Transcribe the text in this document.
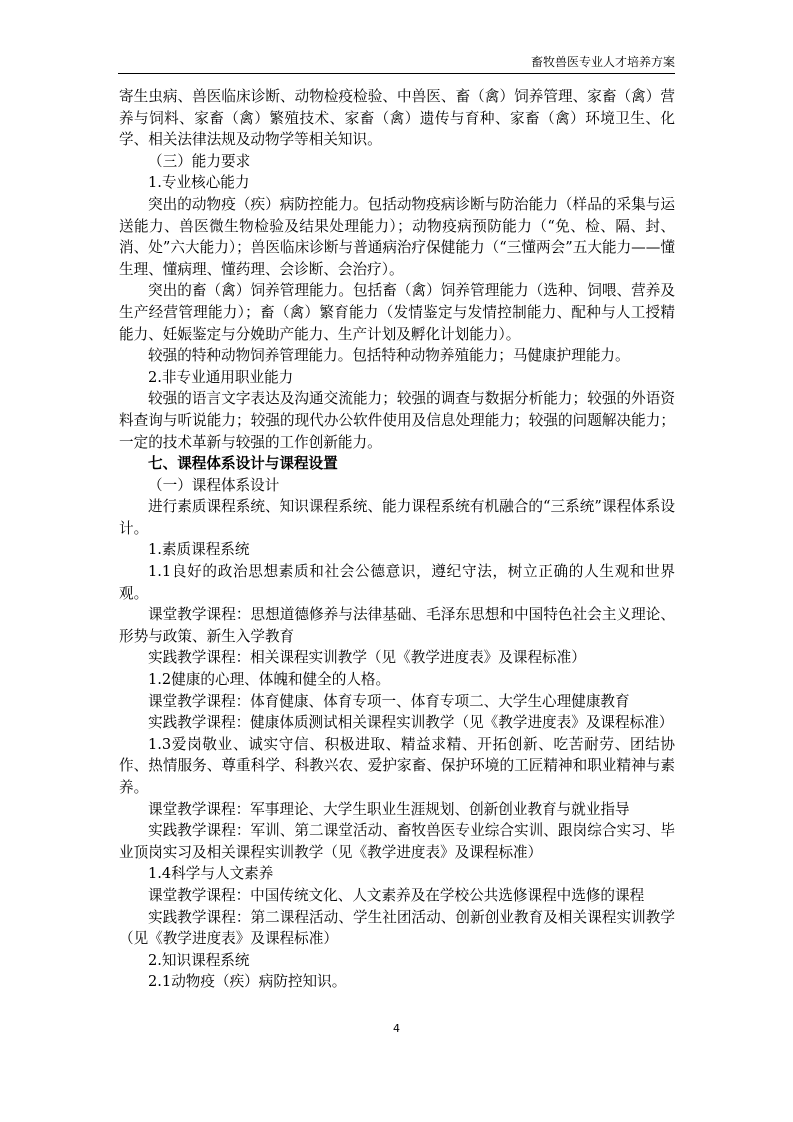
畜牧兽医专业人才培养方案

寄生虫病、兽医临床诊断、动物检疫检验、中兽医、畜（禽）饲养管理、家畜（禽）营养与饲料、家畜（禽）繁殖技术、家畜（禽）遗传与育种、家畜（禽）环境卫生、化学、相关法律法规及动物学等相关知识。

（三）能力要求

1.专业核心能力

突出的动物疫（疾）病防控能力。包括动物疫病诊断与防治能力（样品的采集与运送能力、兽医微生物检验及结果处理能力）；动物疫病预防能力（“免、检、隔、封、消、处”六大能力）；兽医临床诊断与普通病治疗保健能力（“三懂两会”五大能力——懂生理、懂病理、懂药理、会诊断、会治疗）。

突出的畜（禽）饲养管理能力。包括畜（禽）饲养管理能力（选种、饲喂、营养及生产经营管理能力）；畜（禽）繁育能力（发情鉴定与发情控制能力、配种与人工授精能力、妊娠鉴定与分娩助产能力、生产计划及孵化计划能力）。

较强的特种动物饲养管理能力。包括特种动物养殖能力；马健康护理能力。

2.非专业通用职业能力

较强的语言文字表达及沟通交流能力；较强的调查与数据分析能力；较强的外语资料查询与听说能力；较强的现代办公软件使用及信息处理能力；较强的问题解决能力；一定的技术革新与较强的工作创新能力。

七、课程体系设计与课程设置

（一）课程体系设计

进行素质课程系统、知识课程系统、能力课程系统有机融合的“三系统”课程体系设计。

1.素质课程系统

1.1良好的政治思想素质和社会公德意识，遵纪守法，树立正确的人生观和世界观。

课堂教学课程：思想道德修养与法律基础、毛泽东思想和中国特色社会主义理论、形势与政策、新生入学教育

实践教学课程：相关课程实训教学（见《教学进度表》及课程标准）

1.2健康的心理、体魄和健全的人格。

课堂教学课程：体育健康、体育专项一、体育专项二、大学生心理健康教育

实践教学课程：健康体质测试相关课程实训教学（见《教学进度表》及课程标准）

1.3爱岗敬业、诚实守信、积极进取、精益求精、开拓创新、吃苦耐劳、团结协作、热情服务、尊重科学、科教兴农、爱护家畜、保护环境的工匠精神和职业精神与素养。

课堂教学课程：军事理论、大学生职业生涯规划、创新创业教育与就业指导

实践教学课程：军训、第二课堂活动、畜牧兽医专业综合实训、跟岗综合实习、毕业顶岗实习及相关课程实训教学（见《教学进度表》及课程标准）

1.4科学与人文素养

课堂教学课程：中国传统文化、人文素养及在学校公共选修课程中选修的课程

实践教学课程：第二课程活动、学生社团活动、创新创业教育及相关课程实训教学（见《教学进度表》及课程标准）

2.知识课程系统

2.1动物疫（疾）病防控知识。

4
